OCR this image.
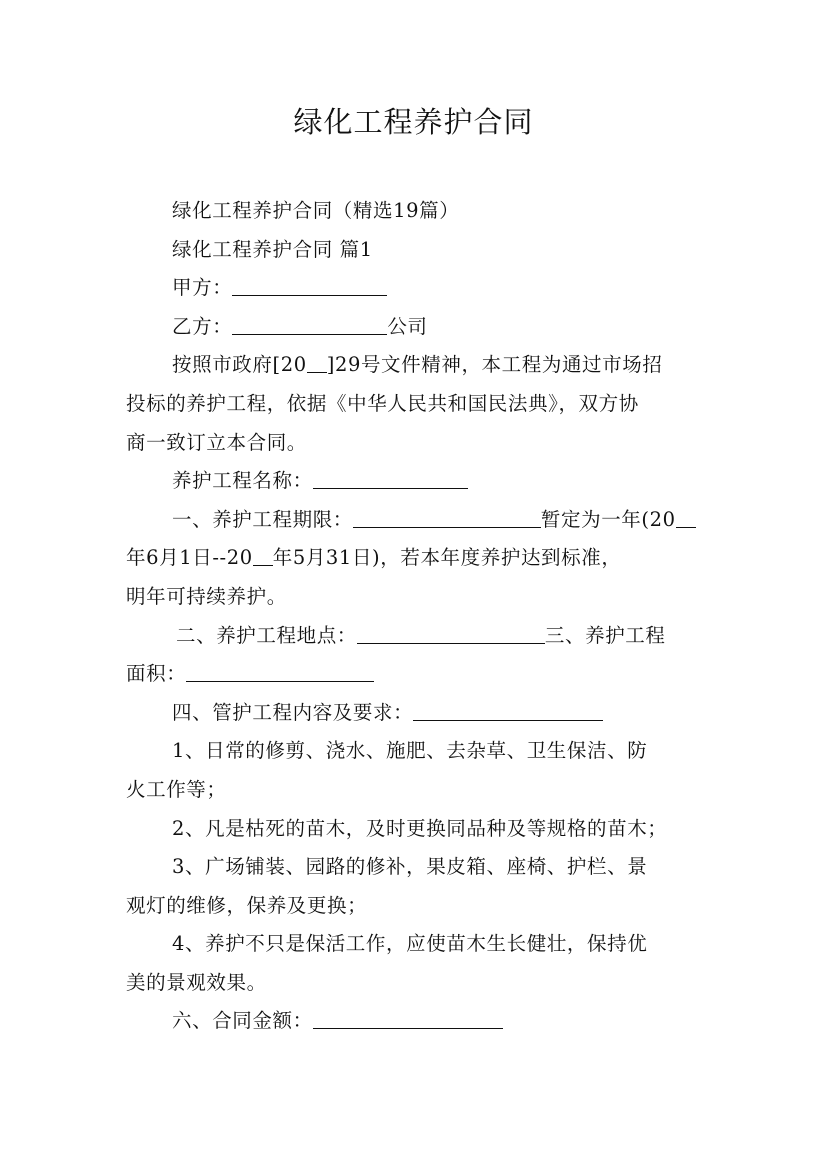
绿化工程养护合同
绿化工程养护合同（精选19篇）
绿化工程养护合同 篇1
甲方：
乙方：	公司
按照市政府[20 ]29号文件精神，本工程为通过市场招
投标的养护工程，依据《中华人民共和国民法典》，双方协
商一致订立本合同。
养护工程名称：
一、养护工程期限：	暂定为一年(20
年6月1日--20 年5月31日)，若本年度养护达到标准，
明年可持续养护。
二、养护工程地点：	三、养护工程
面积：
四、管护工程内容及要求：
1、日常的修剪、浇水、施肥、去杂草、卫生保洁、防
火工作等；
2、凡是枯死的苗木，及时更换同品种及等规格的苗木；
3、广场铺装、园路的修补，果皮箱、座椅、护栏、景
观灯的维修，保养及更换；
4、养护不只是保活工作，应使苗木生长健壮，保持优
美的景观效果。
六、合同金额：
